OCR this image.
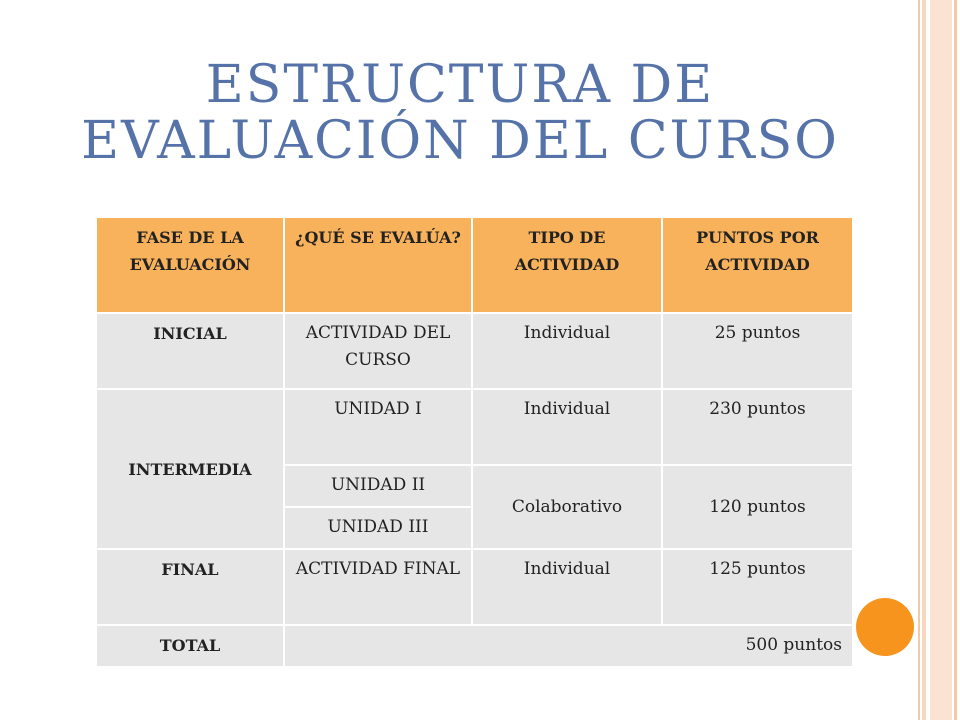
ESTRUCTURA DE
EVALUACIÓN DEL CURSO
FASE DE LA EVALUACIÓN	¿QUÉ SE EVALÚA?	TIPO DE ACTIVIDAD	PUNTOS POR ACTIVIDAD
INICIAL	ACTIVIDAD DEL CURSO	Individual	25 puntos
INTERMEDIA	UNIDAD I	Individual	230 puntos
	UNIDAD II	Colaborativo	120 puntos
	UNIDAD III		
FINAL	ACTIVIDAD FINAL	Individual	125 puntos
TOTAL	500 puntos		
